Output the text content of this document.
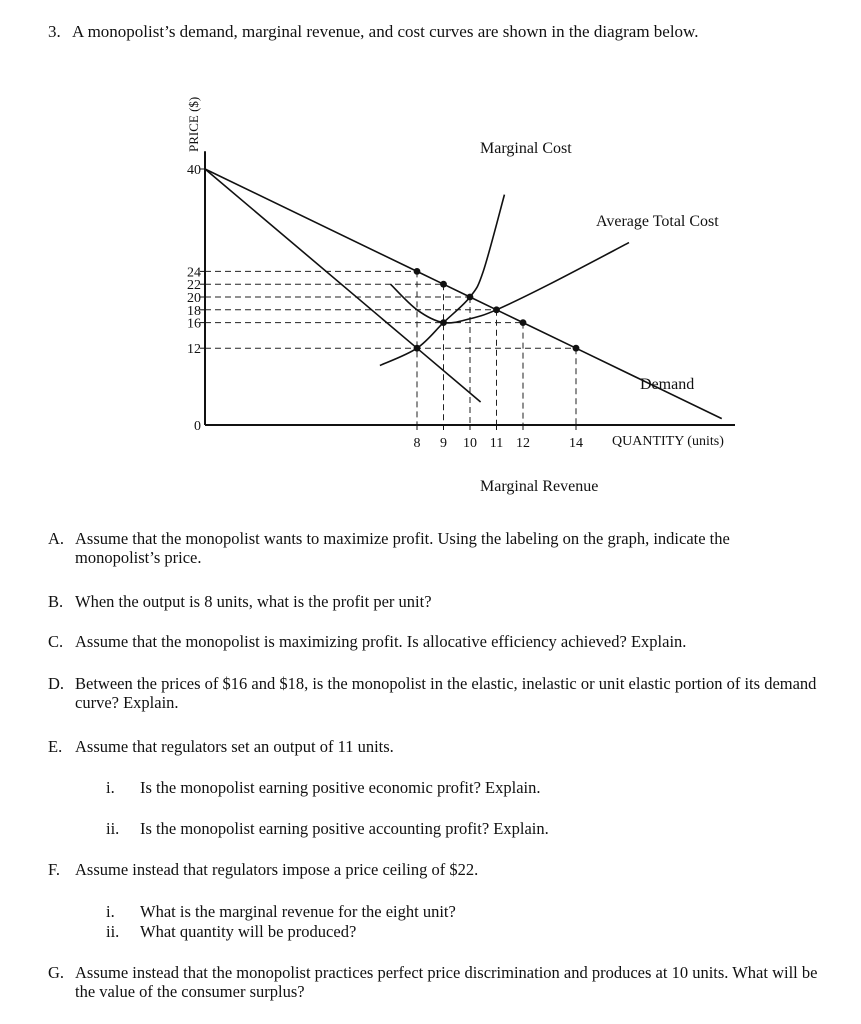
3. A monopolist’s demand, marginal revenue, and cost curves are shown in the diagram below.
0
12
16
18
20
22
24
40
8 9 10 11 12	14
PRICE ($)
QUANTITY (units)
Demand
Marginal Revenue
Marginal Cost
Average Total Cost
A. Assume that the monopolist wants to maximize profit. Using the labeling on the graph, indicate the monopolist’s price.
B. When the output is 8 units, what is the profit per unit?
C. Assume that the monopolist is maximizing profit. Is allocative efficiency achieved? Explain.
D. Between the prices of $16 and $18, is the monopolist in the elastic, inelastic or unit elastic portion of its demand curve? Explain.
E. Assume that regulators set an output of 11 units.
i.	Is the monopolist earning positive economic profit? Explain.
ii.	Is the monopolist earning positive accounting profit? Explain.
F. Assume instead that regulators impose a price ceiling of $22.
i.	What is the marginal revenue for the eight unit?
ii.	What quantity will be produced?
G. Assume instead that the monopolist practices perfect price discrimination and produces at 10 units. What will be the value of the consumer surplus?
